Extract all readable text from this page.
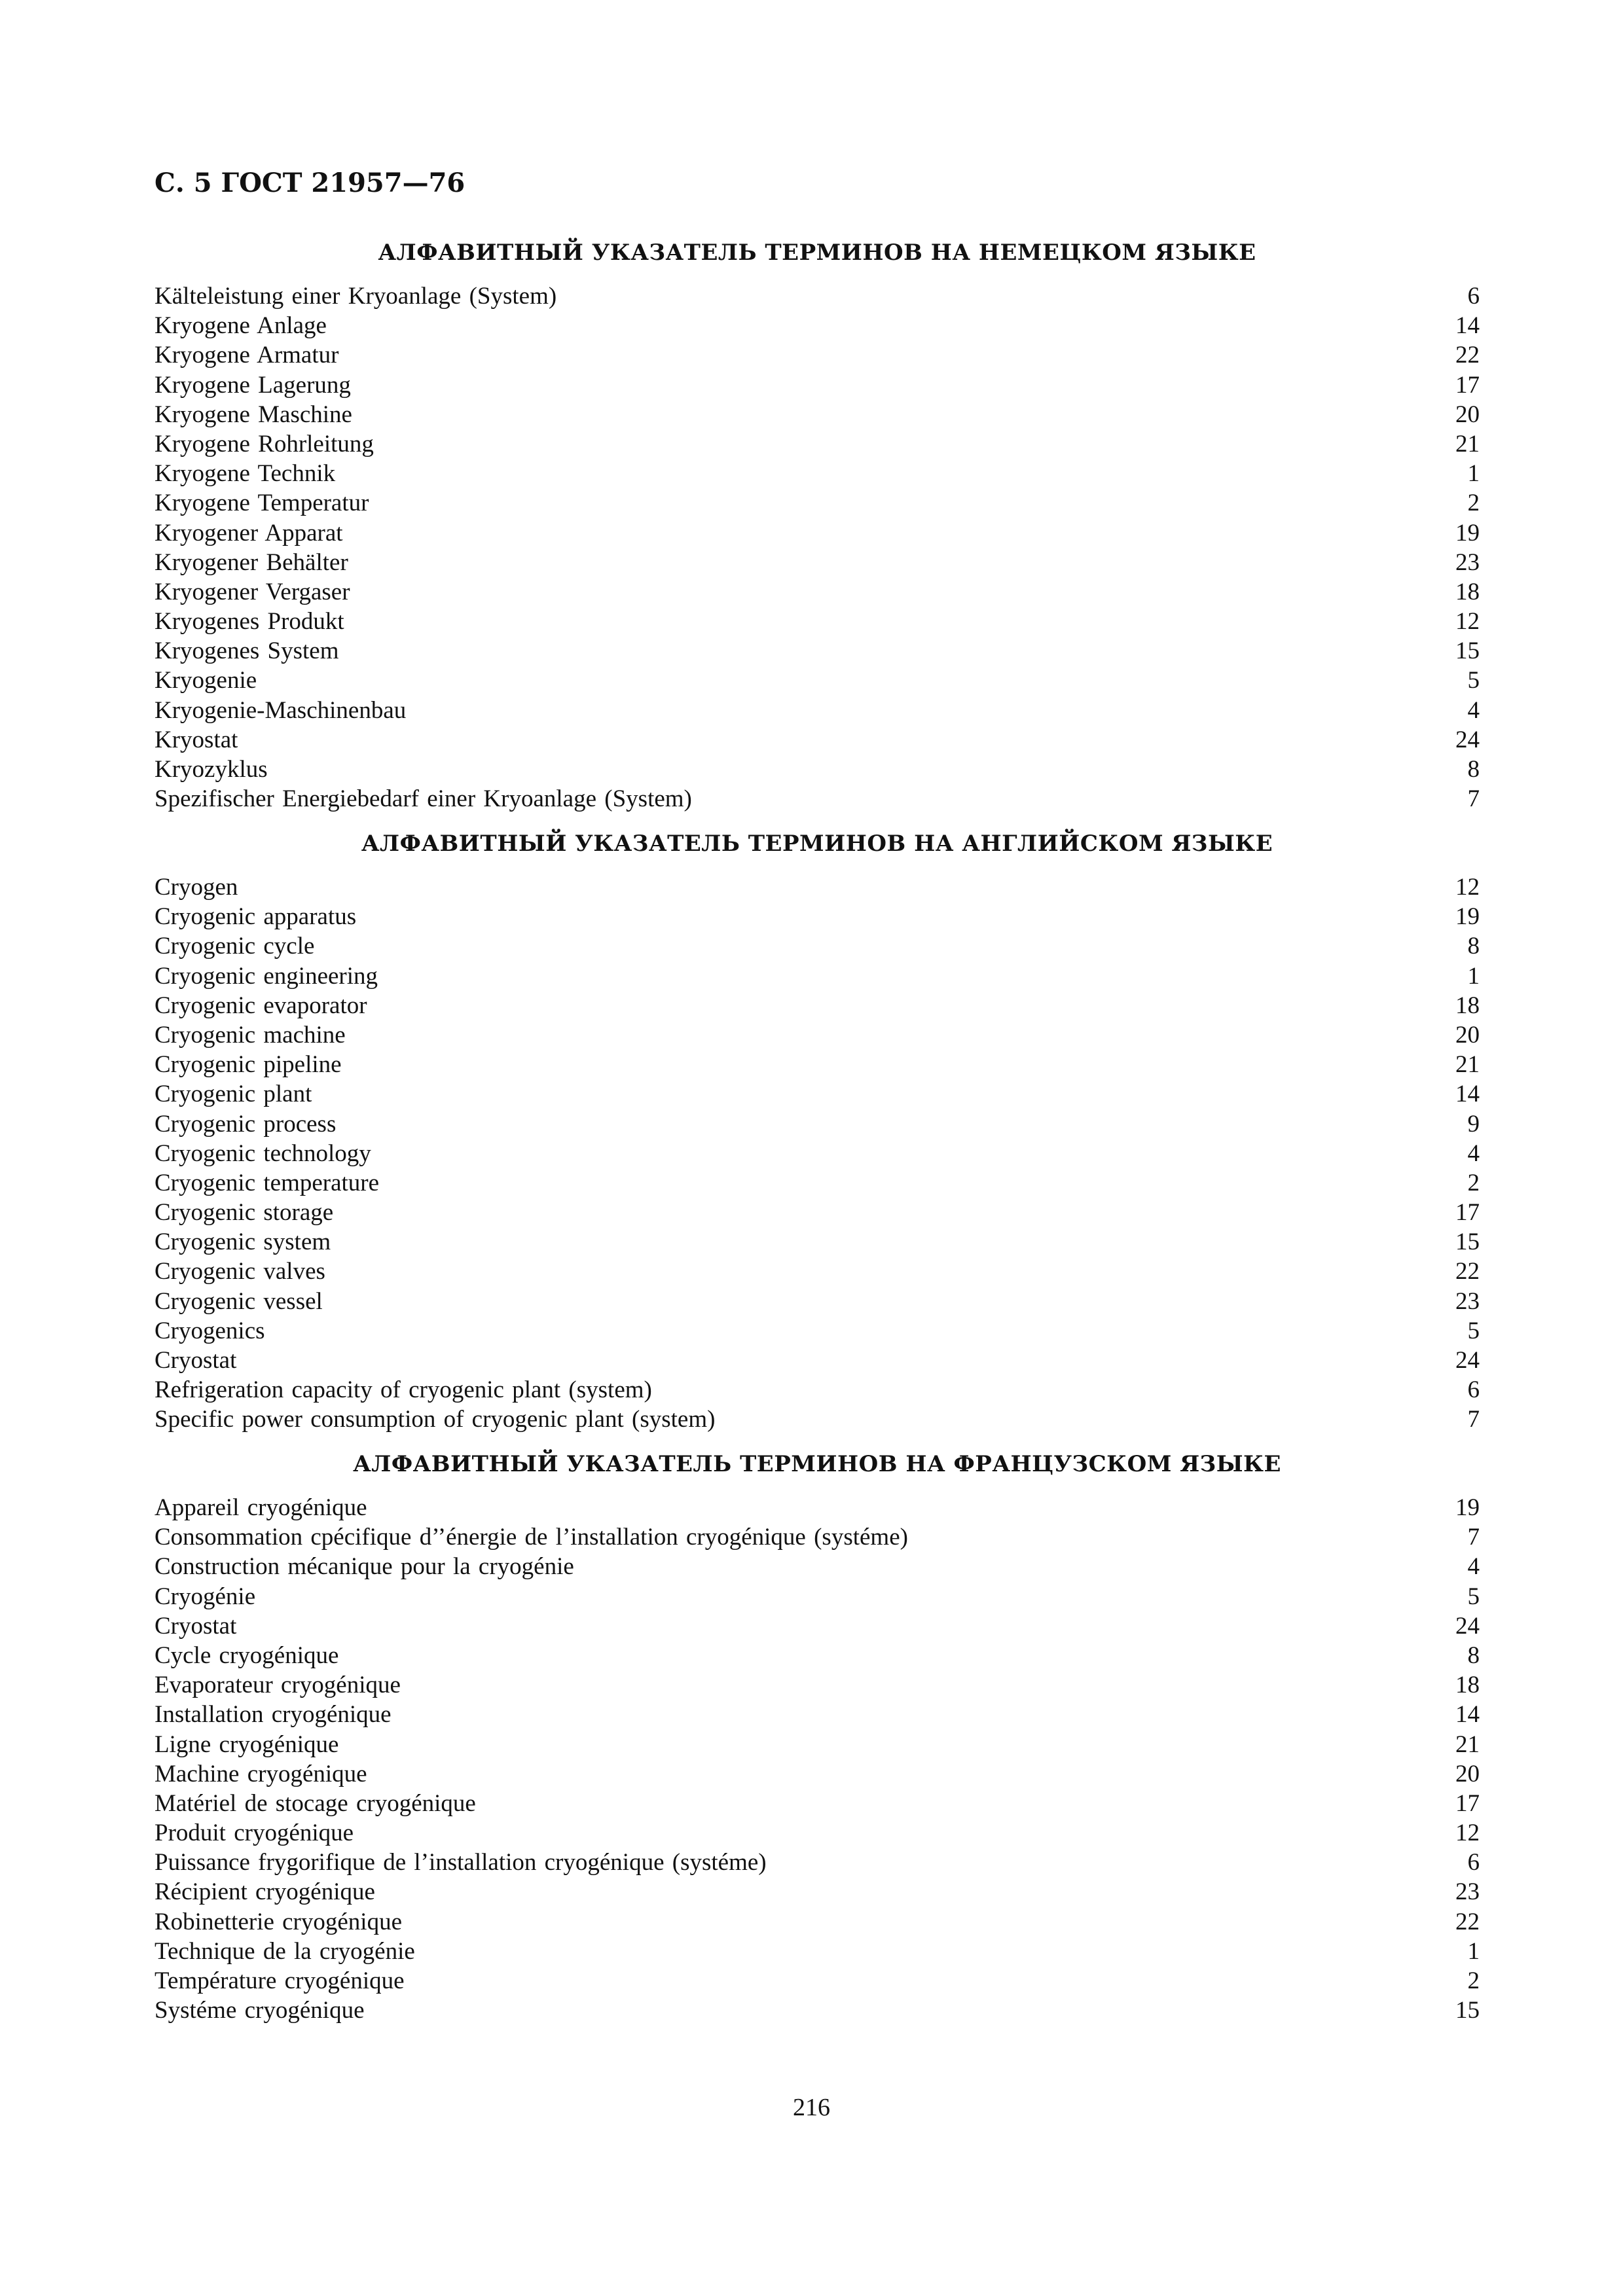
С. 5 ГОСТ 21957—76
АЛФАВИТНЫЙ УКАЗАТЕЛЬ ТЕРМИНОВ НА НЕМЕЦКОМ ЯЗЫКЕ
Kälteleistung einer Kryoanlage (System)	6
Kryogene Anlage	14
Kryogene Armatur	22
Kryogene Lagerung	17
Kryogene Maschine	20
Kryogene Rohrleitung	21
Kryogene Technik	1
Kryogene Temperatur	2
Kryogener Apparat	19
Kryogener Behälter	23
Kryogener Vergaser	18
Kryogenes Produkt	12
Kryogenes System	15
Kryogenie	5
Kryogenie-Maschinenbau	4
Kryostat	24
Kryozyklus	8
Spezifischer Energiebedarf einer Kryoanlage (System)	7
АЛФАВИТНЫЙ УКАЗАТЕЛЬ ТЕРМИНОВ НА АНГЛИЙСКОМ ЯЗЫКЕ
Cryogen	12
Cryogenic apparatus	19
Cryogenic cycle	8
Cryogenic engineering	1
Cryogenic evaporator	18
Cryogenic machine	20
Cryogenic pipeline	21
Cryogenic plant	14
Cryogenic process	9
Cryogenic technology	4
Cryogenic temperature	2
Cryogenic storage	17
Cryogenic system	15
Cryogenic valves	22
Cryogenic vessel	23
Cryogenics	5
Cryostat	24
Refrigeration capacity of cryogenic plant (system)	6
Specific power consumption of cryogenic plant (system)	7
АЛФАВИТНЫЙ УКАЗАТЕЛЬ ТЕРМИНОВ НА ФРАНЦУЗСКОМ ЯЗЫКЕ
Appareil cryogénique	19
Consommation cpécifique d’’énergie de l’installation cryogénique (systéme)	7
Construction mécanique pour la cryogénie	4
Cryogénie	5
Cryostat	24
Cycle cryogénique	8
Evaporateur cryogénique	18
Installation cryogénique	14
Ligne cryogénique	21
Machine cryogénique	20
Matériel de stocage cryogénique	17
Produit cryogénique	12
Puissance frygorifique de l’installation cryogénique (systéme)	6
Récipient cryogénique	23
Robinetterie cryogénique	22
Technique de la cryogénie	1
Température cryogénique	2
Systéme cryogénique	15
216
